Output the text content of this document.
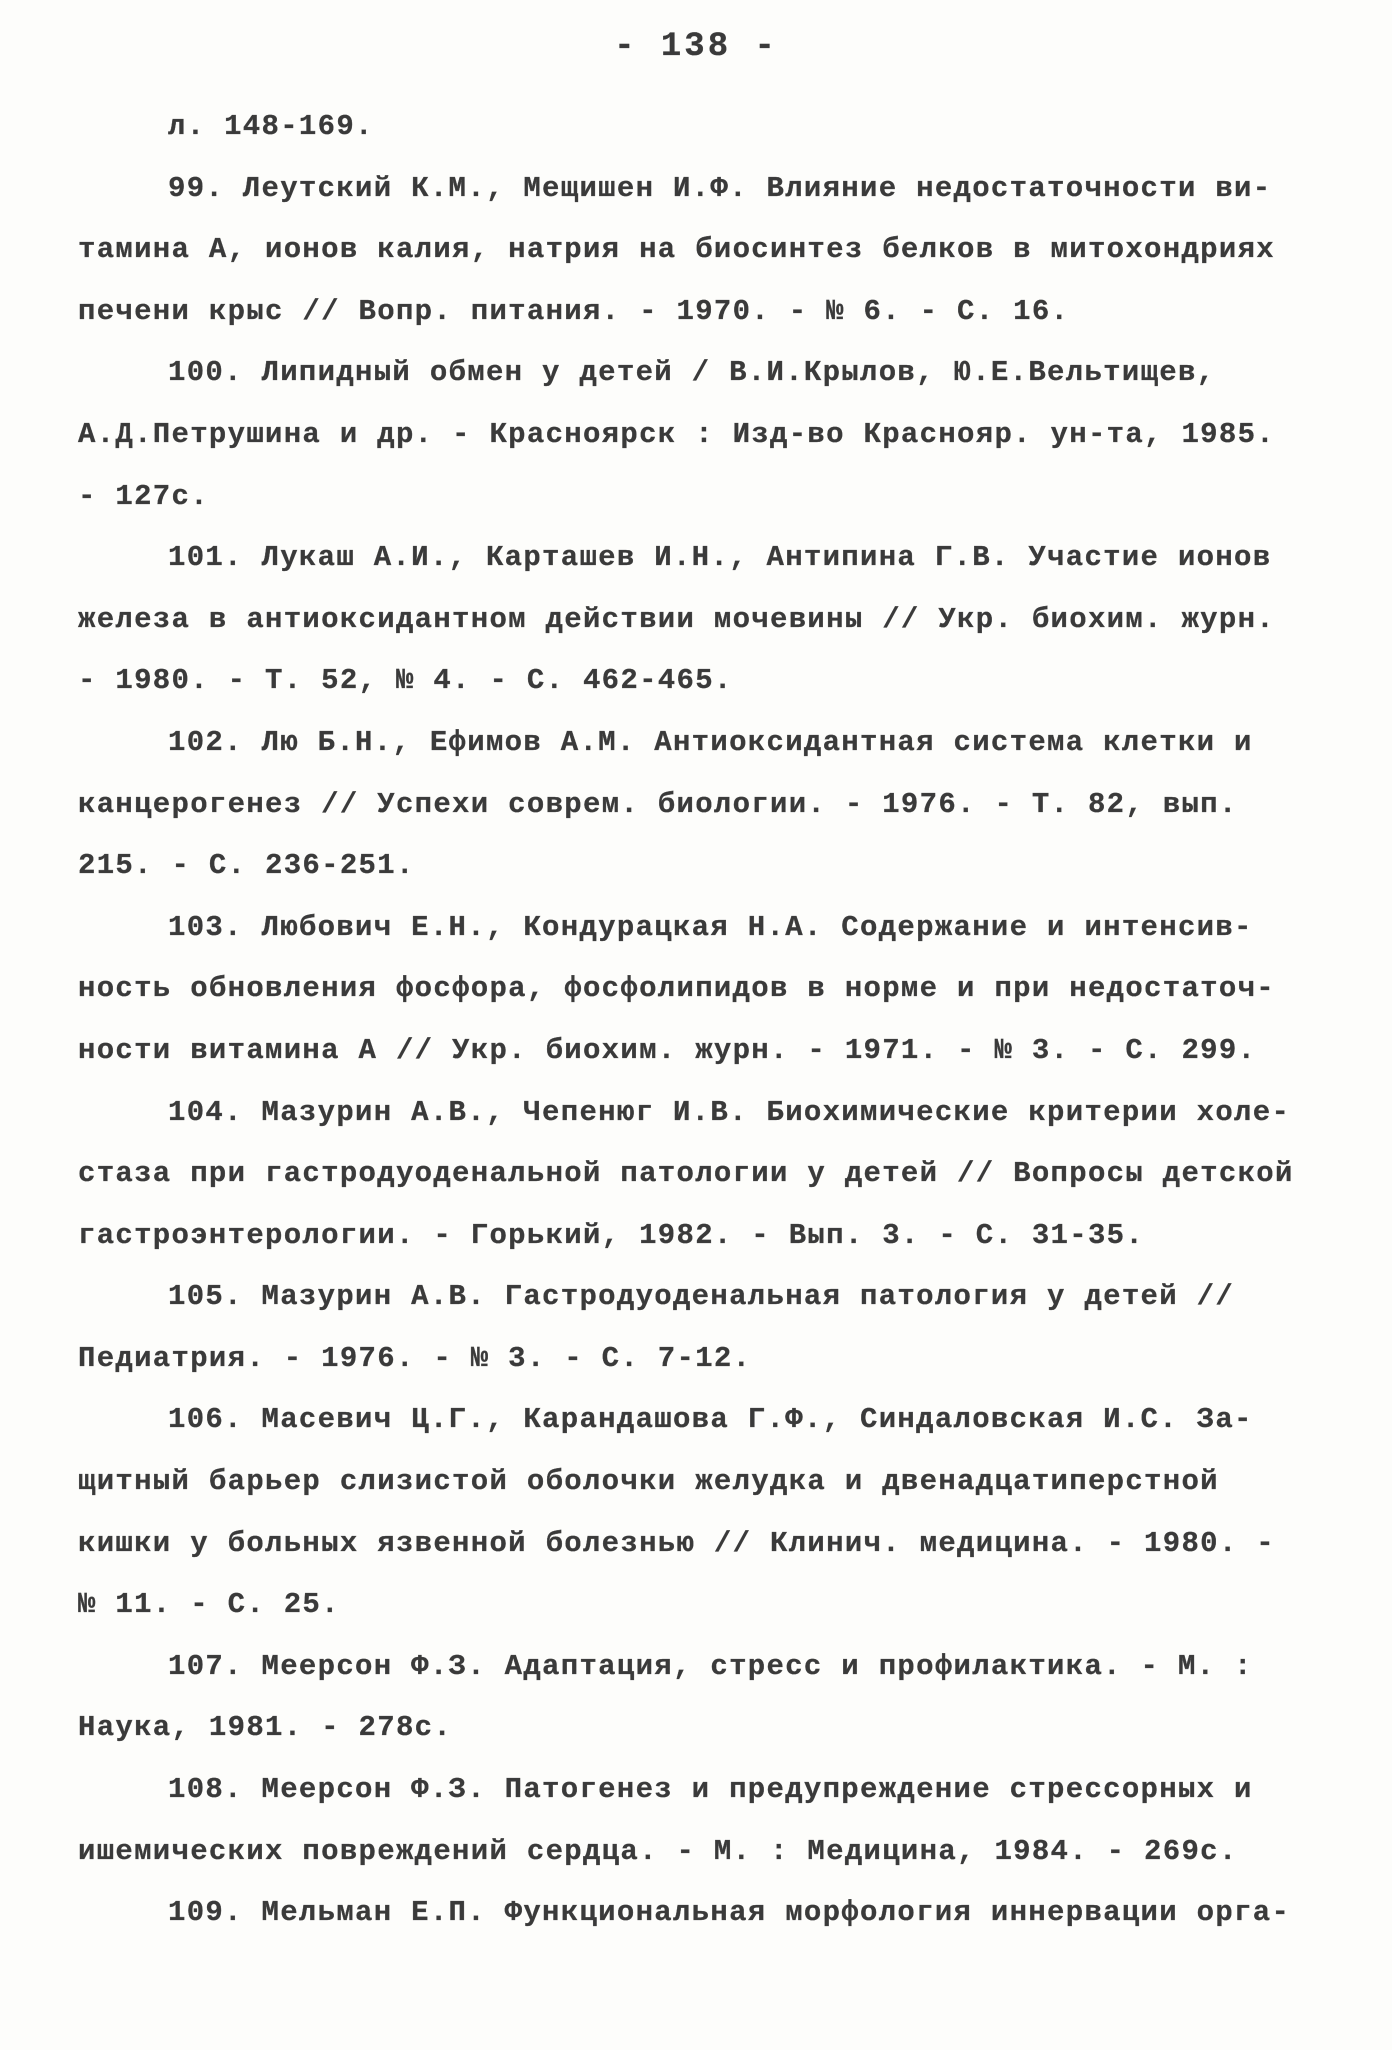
- 138 -
л. 148-169.
99. Леутский К.М., Мещишен И.Ф. Влияние недостаточности ви-
тамина А, ионов калия, натрия на биосинтез белков в митохондриях
печени крыс // Вопр. питания. - 1970. - № 6. - С. 16.
100. Липидный обмен у детей / В.И.Крылов, Ю.Е.Вельтищев,
А.Д.Петрушина и др. - Красноярск : Изд-во Краснояр. ун-та, 1985.
- 127с.
101. Лукаш А.И., Карташев И.Н., Антипина Г.В. Участие ионов
железа в антиоксидантном действии мочевины // Укр. биохим. журн.
- 1980. - Т. 52, № 4. - С. 462-465.
102. Лю Б.Н., Ефимов А.М. Антиоксидантная система клетки и
канцерогенез // Успехи соврем. биологии. - 1976. - Т. 82, вып.
215. - С. 236-251.
103. Любович Е.Н., Кондурацкая Н.А. Содержание и интенсив-
ность обновления фосфора, фосфолипидов в норме и при недостаточ-
ности витамина А // Укр. биохим. журн. - 1971. - № 3. - С. 299.
104. Мазурин А.В., Чепенюг И.В. Биохимические критерии холе-
стаза при гастродуоденальной патологии у детей // Вопросы детской
гастроэнтерологии. - Горький, 1982. - Вып. 3. - С. 31-35.
105. Мазурин А.В. Гастродуоденальная патология у детей //
Педиатрия. - 1976. - № 3. - С. 7-12.
106. Масевич Ц.Г., Карандашова Г.Ф., Синдаловская И.С. За-
щитный барьер слизистой оболочки желудка и двенадцатиперстной
кишки у больных язвенной болезнью // Клинич. медицина. - 1980. -
№ 11. - С. 25.
107. Меерсон Ф.З. Адаптация, стресс и профилактика. - М. :
Наука, 1981. - 278с.
108. Меерсон Ф.З. Патогенез и предупреждение стрессорных и
ишемических повреждений сердца. - М. : Медицина, 1984. - 269с.
109. Мельман Е.П. Функциональная морфология иннервации орга-
